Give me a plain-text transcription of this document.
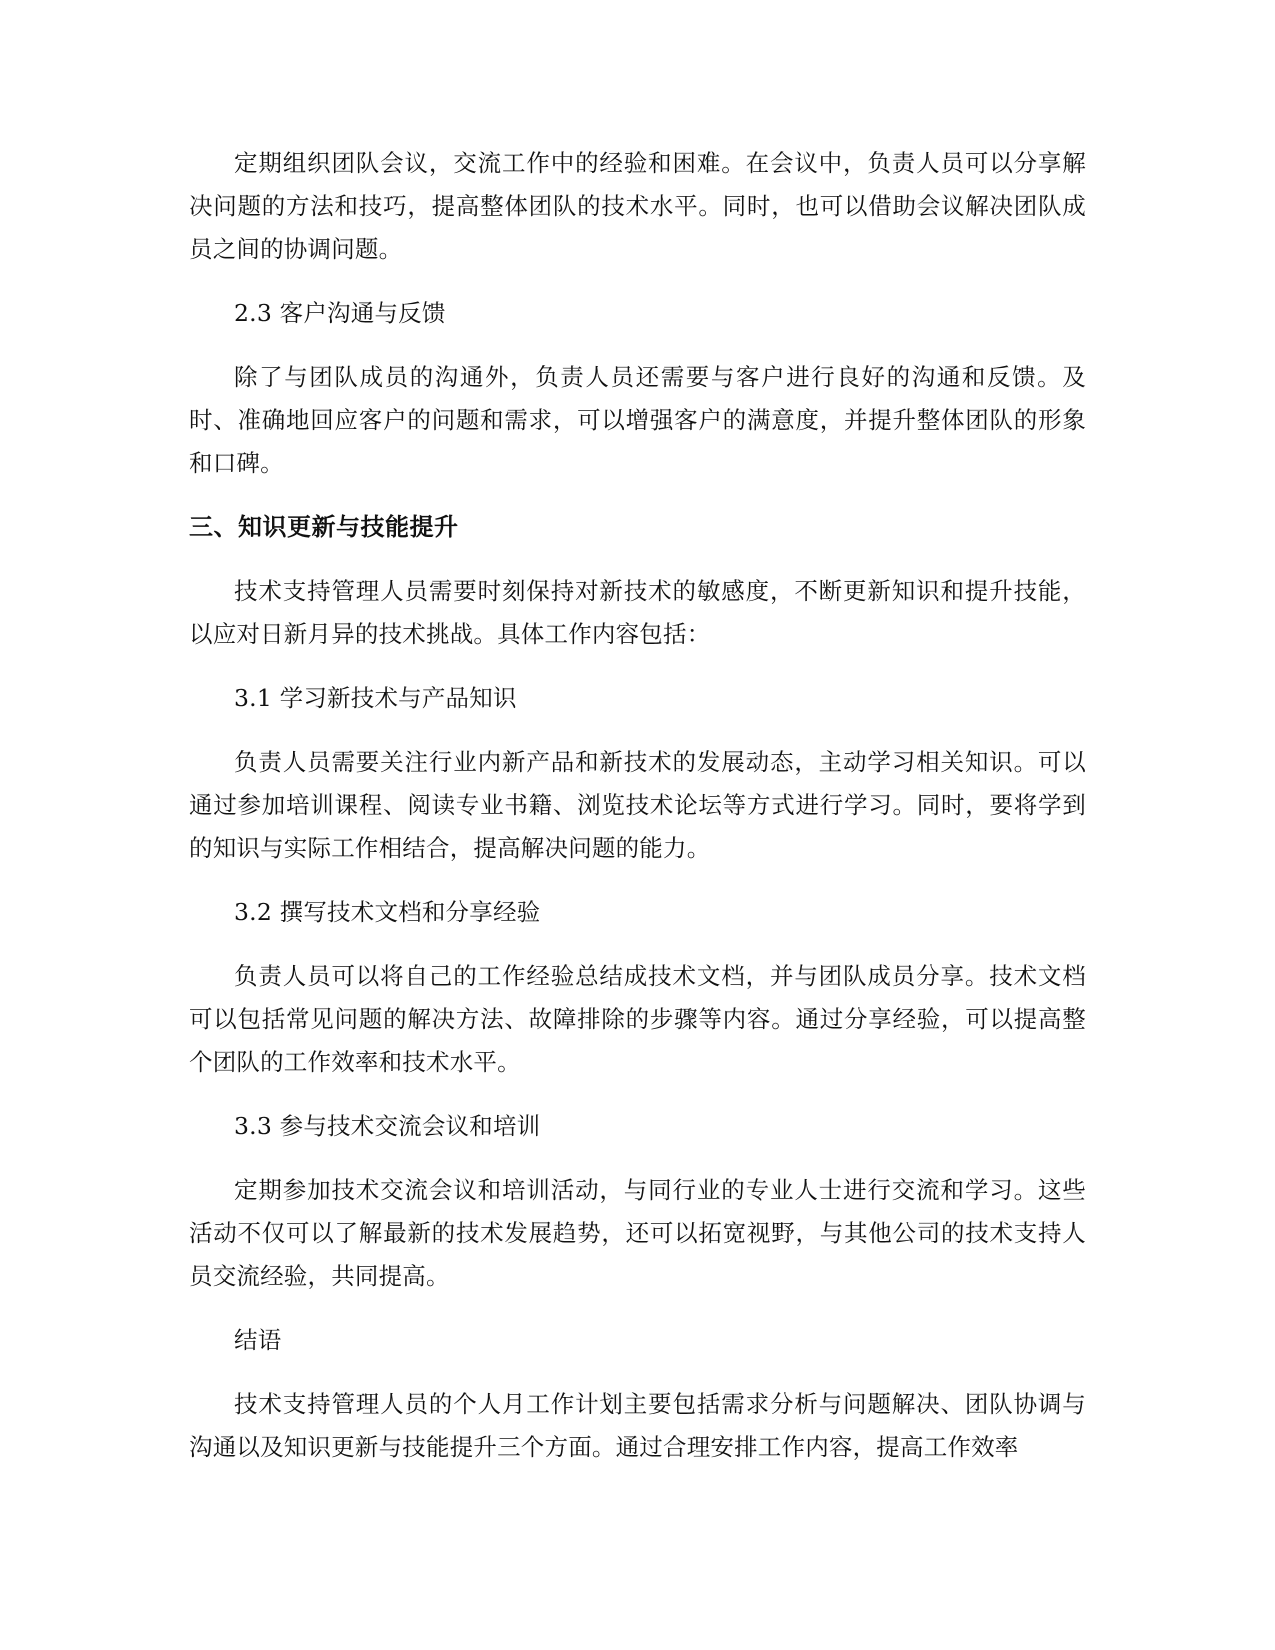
定期组织团队会议，交流工作中的经验和困难。在会议中，负责人员可以分享解决问题的方法和技巧，提高整体团队的技术水平。同时，也可以借助会议解决团队成员之间的协调问题。

2.3 客户沟通与反馈

除了与团队成员的沟通外，负责人员还需要与客户进行良好的沟通和反馈。及时、准确地回应客户的问题和需求，可以增强客户的满意度，并提升整体团队的形象和口碑。

三、知识更新与技能提升

技术支持管理人员需要时刻保持对新技术的敏感度，不断更新知识和提升技能，以应对日新月异的技术挑战。具体工作内容包括：

3.1 学习新技术与产品知识

负责人员需要关注行业内新产品和新技术的发展动态，主动学习相关知识。可以通过参加培训课程、阅读专业书籍、浏览技术论坛等方式进行学习。同时，要将学到的知识与实际工作相结合，提高解决问题的能力。

3.2 撰写技术文档和分享经验

负责人员可以将自己的工作经验总结成技术文档，并与团队成员分享。技术文档可以包括常见问题的解决方法、故障排除的步骤等内容。通过分享经验，可以提高整个团队的工作效率和技术水平。

3.3 参与技术交流会议和培训

定期参加技术交流会议和培训活动，与同行业的专业人士进行交流和学习。这些活动不仅可以了解最新的技术发展趋势，还可以拓宽视野，与其他公司的技术支持人员交流经验，共同提高。

结语

技术支持管理人员的个人月工作计划主要包括需求分析与问题解决、团队协调与沟通以及知识更新与技能提升三个方面。通过合理安排工作内容，提高工作效率
